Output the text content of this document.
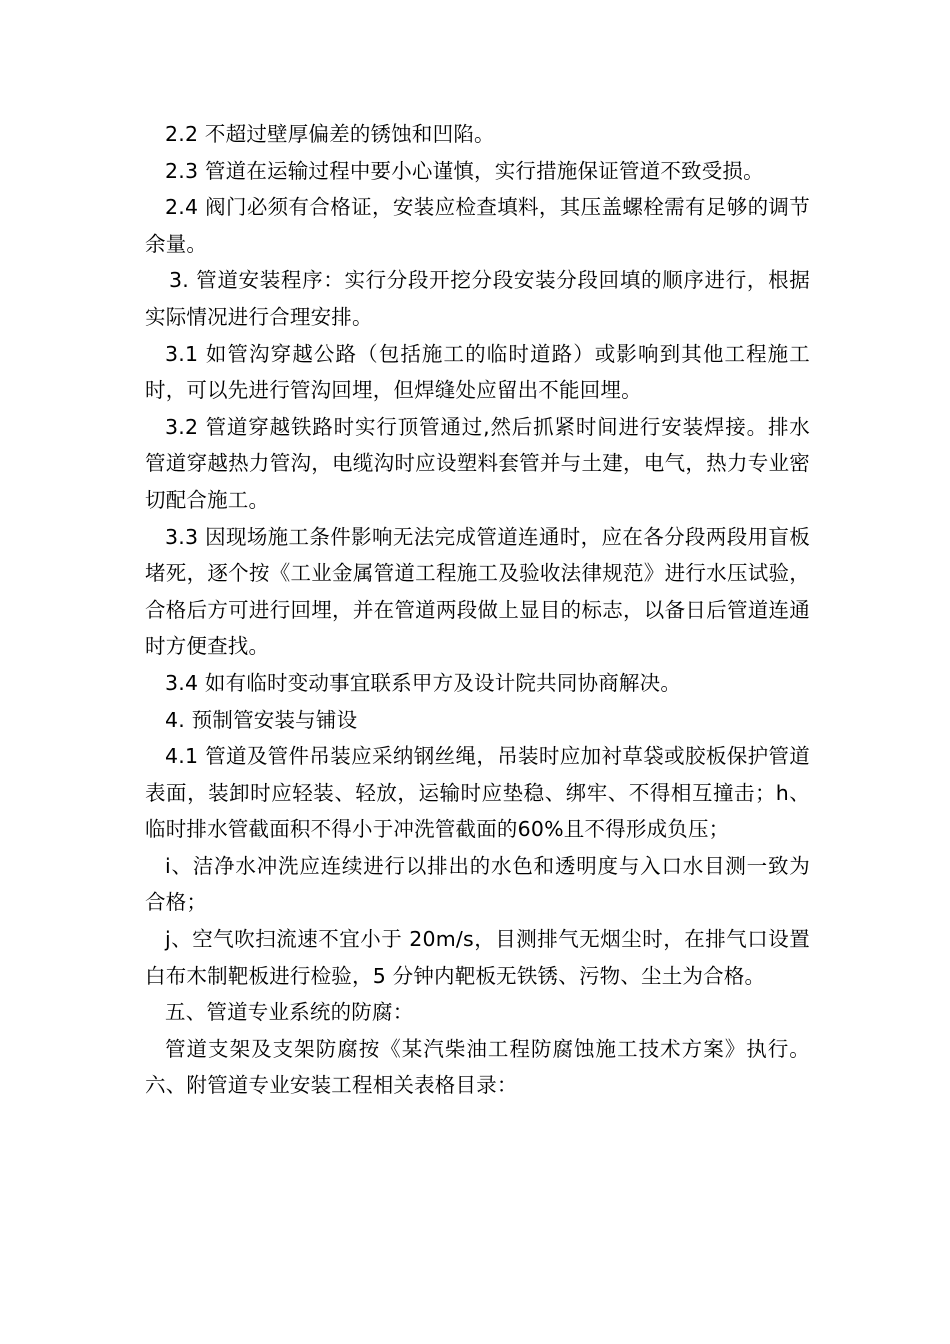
2.2 不超过壁厚偏差的锈蚀和凹陷。

2.3 管道在运输过程中要小心谨慎，实行措施保证管道不致受损。

2.4 阀门必须有合格证，安装应检查填料，其压盖螺栓需有足够的调节余量。

3. 管道安装程序：实行分段开挖分段安装分段回填的顺序进行，根据实际情况进行合理安排。

3.1 如管沟穿越公路（包括施工的临时道路）或影响到其他工程施工时，可以先进行管沟回埋，但焊缝处应留出不能回埋。

3.2 管道穿越铁路时实行顶管通过,然后抓紧时间进行安装焊接。排水管道穿越热力管沟，电缆沟时应设塑料套管并与土建，电气，热力专业密切配合施工。

3.3 因现场施工条件影响无法完成管道连通时，应在各分段两段用盲板堵死，逐个按《工业金属管道工程施工及验收法律规范》进行水压试验，合格后方可进行回埋，并在管道两段做上显目的标志，以备日后管道连通时方便查找。

3.4 如有临时变动事宜联系甲方及设计院共同协商解决。

4. 预制管安装与铺设

4.1 管道及管件吊装应采纳钢丝绳，吊装时应加衬草袋或胶板保护管道表面，装卸时应轻装、轻放，运输时应垫稳、绑牢、不得相互撞击；h、临时排水管截面积不得小于冲洗管截面的60%且不得形成负压；

i、洁净水冲洗应连续进行以排出的水色和透明度与入口水目测一致为合格；

j、空气吹扫流速不宜小于 20m/s，目测排气无烟尘时，在排气口设置白布木制靶板进行检验，5 分钟内靶板无铁锈、污物、尘土为合格。

五、管道专业系统的防腐：

管道支架及支架防腐按《某汽柴油工程防腐蚀施工技术方案》执行。六、附管道专业安装工程相关表格目录：
